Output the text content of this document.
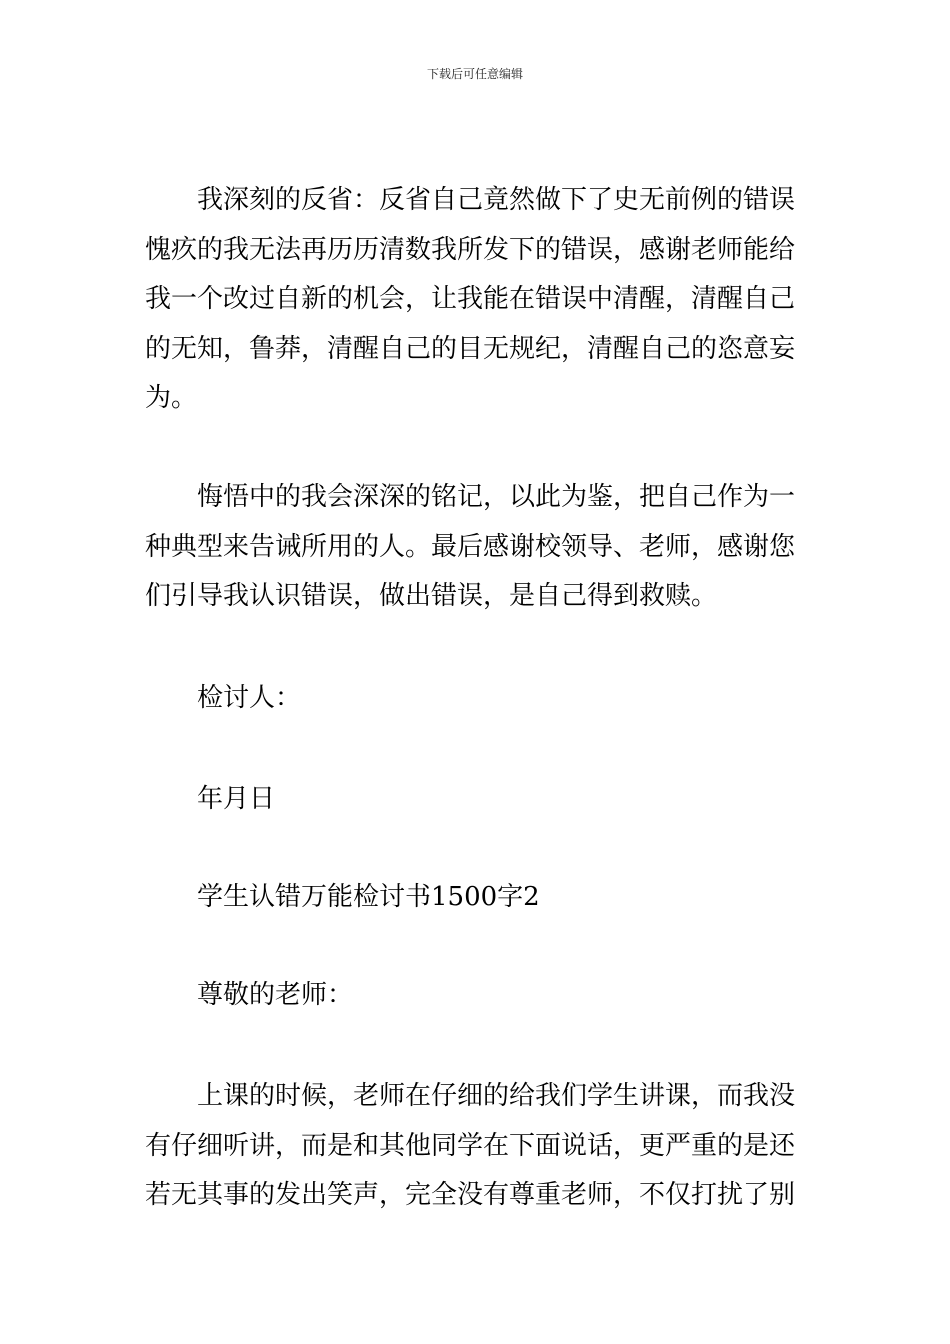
下载后可任意编辑

我深刻的反省：反省自己竟然做下了史无前例的错误愧疚的我无法再历历清数我所发下的错误，感谢老师能给我一个改过自新的机会，让我能在错误中清醒，清醒自己的无知，鲁莽，清醒自己的目无规纪，清醒自己的恣意妄为。

悔悟中的我会深深的铭记，以此为鉴，把自己作为一种典型来告诫所用的人。最后感谢校领导、老师，感谢您们引导我认识错误，做出错误，是自己得到救赎。

检讨人：

年月日

学生认错万能检讨书1500字2

尊敬的老师：

上课的时候，老师在仔细的给我们学生讲课，而我没有仔细听讲，而是和其他同学在下面说话，更严重的是还若无其事的发出笑声，完全没有尊重老师，不仅打扰了别
